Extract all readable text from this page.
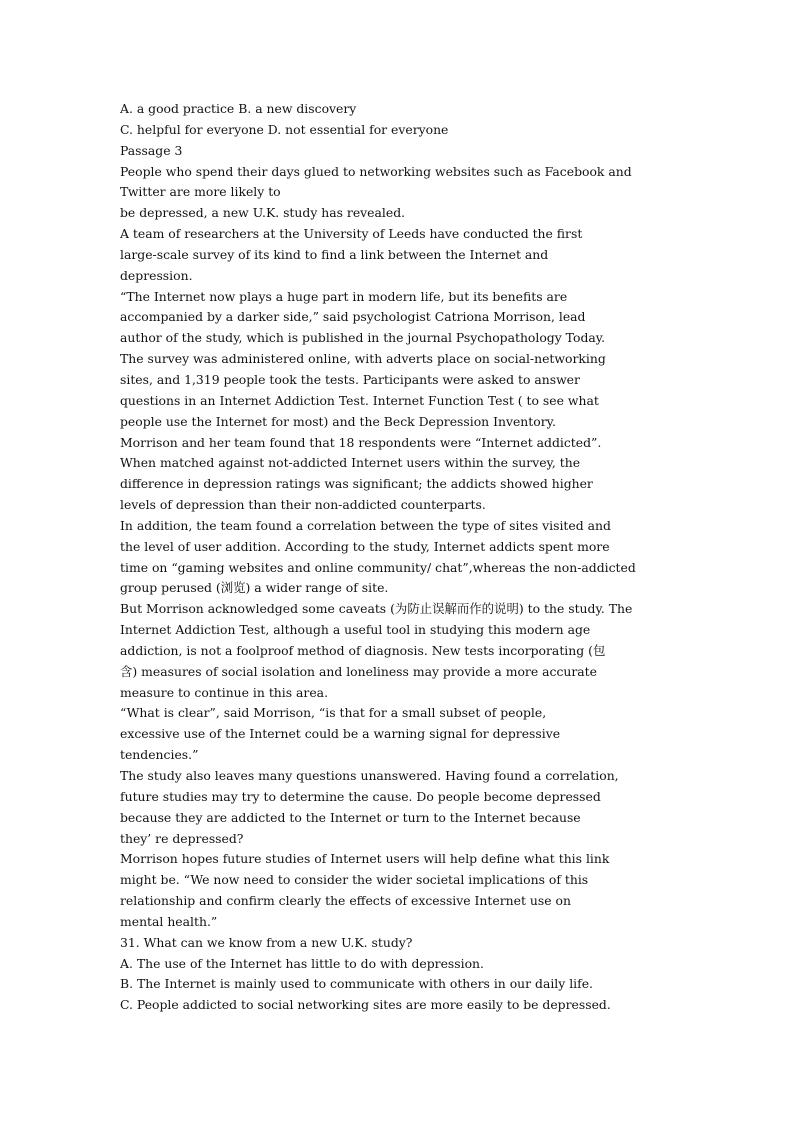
A. a good practice B. a new discovery
C. helpful for everyone D. not essential for everyone
Passage 3
People who spend their days glued to networking websites such as Facebook and
Twitter are more likely to
be depressed, a new U.K. study has revealed.
A team of researchers at the University of Leeds have conducted the first
large-scale survey of its kind to find a link between the Internet and
depression.
“The Internet now plays a huge part in modern life, but its benefits are
accompanied by a darker side,” said psychologist Catriona Morrison, lead
author of the study, which is published in the journal Psychopathology Today.
The survey was administered online, with adverts place on social-networking
sites, and 1,319 people took the tests. Participants were asked to answer
questions in an Internet Addiction Test. Internet Function Test ( to see what
people use the Internet for most) and the Beck Depression Inventory.
Morrison and her team found that 18 respondents were “Internet addicted”.
When matched against not-addicted Internet users within the survey, the
difference in depression ratings was significant; the addicts showed higher
levels of depression than their non-addicted counterparts.
In addition, the team found a correlation between the type of sites visited and
the level of user addition. According to the study, Internet addicts spent more
time on “gaming websites and online community/ chat”,whereas the non-addicted
group perused (浏览) a wider range of site.
But Morrison acknowledged some caveats (为防止误解而作的说明) to the study. The
Internet Addiction Test, although a useful tool in studying this modern age
addiction, is not a foolproof method of diagnosis. New tests incorporating (包
含) measures of social isolation and loneliness may provide a more accurate
measure to continue in this area.
“What is clear”, said Morrison, “is that for a small subset of people,
excessive use of the Internet could be a warning signal for depressive
tendencies.”
The study also leaves many questions unanswered. Having found a correlation,
future studies may try to determine the cause. Do people become depressed
because they are addicted to the Internet or turn to the Internet because
they’ re depressed?
Morrison hopes future studies of Internet users will help define what this link
might be. “We now need to consider the wider societal implications of this
relationship and confirm clearly the effects of excessive Internet use on
mental health.”
31. What can we know from a new U.K. study?
A. The use of the Internet has little to do with depression.
B. The Internet is mainly used to communicate with others in our daily life.
C. People addicted to social networking sites are more easily to be depressed.
